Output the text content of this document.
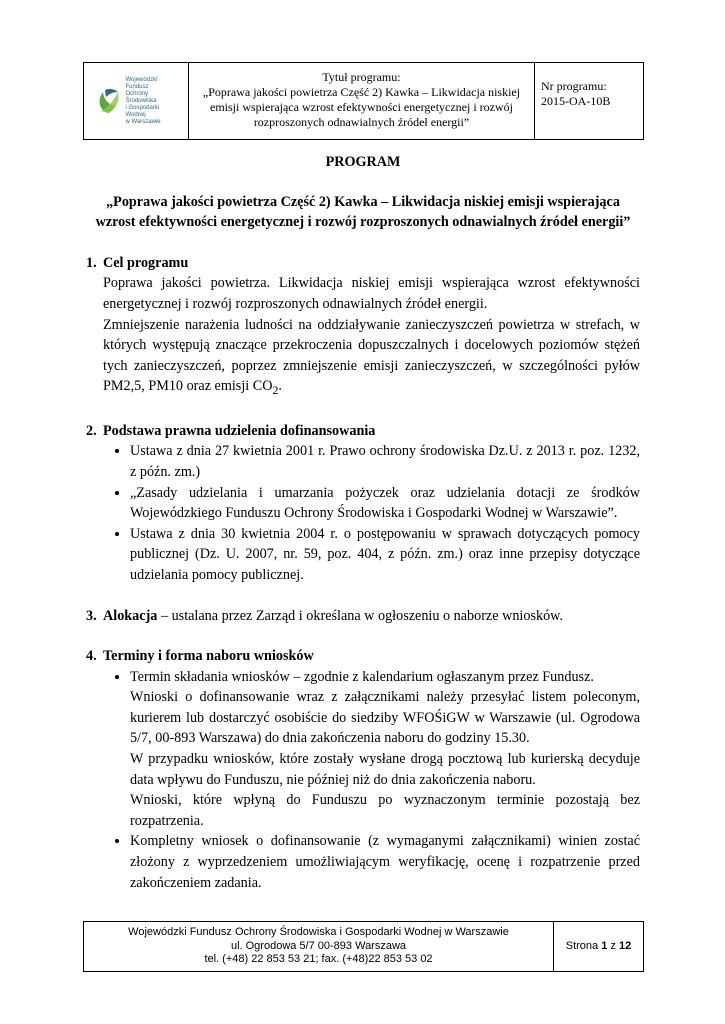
Wojewódzki Fundusz
Ochrony Środowiska
i Gospodarki Wodnej
w Warszawie
Tytuł programu:
„Poprawa jakości powietrza Część 2) Kawka – Likwidacja niskiej emisji wspierająca wzrost efektywności energetycznej i rozwój rozproszonych odnawialnych źródeł energii”
Nr programu:
2015-OA-10B
PROGRAM
„Poprawa jakości powietrza Część 2) Kawka – Likwidacja niskiej emisji wspierająca wzrost efektywności energetycznej i rozwój rozproszonych odnawialnych źródeł energii”
1. Cel programu
Poprawa jakości powietrza. Likwidacja niskiej emisji wspierająca wzrost efektywności energetycznej i rozwój rozproszonych odnawialnych źródeł energii.
Zmniejszenie narażenia ludności na oddziaływanie zanieczyszczeń powietrza w strefach, w których występują znaczące przekroczenia dopuszczalnych i docelowych poziomów stężeń tych zanieczyszczeń, poprzez zmniejszenie emisji zanieczyszczeń, w szczególności pyłów PM2,5, PM10 oraz emisji $CO_2$.
2. Podstawa prawna udzielenia dofinansowania
• Ustawa z dnia 27 kwietnia 2001 r. Prawo ochrony środowiska Dz.U. z 2013 r. poz. 1232, z późn. zm.)
• „Zasady udzielania i umarzania pożyczek oraz udzielania dotacji ze środków Wojewódzkiego Funduszu Ochrony Środowiska i Gospodarki Wodnej w Warszawie”.
• Ustawa z dnia 30 kwietnia 2004 r. o postępowaniu w sprawach dotyczących pomocy publicznej (Dz. U. 2007, nr. 59, poz. 404, z późn. zm.) oraz inne przepisy dotyczące udzielania pomocy publicznej.
3. Alokacja – ustalana przez Zarząd i określana w ogłoszeniu o naborze wniosków.
4. Terminy i forma naboru wniosków
• Termin składania wniosków – zgodnie z kalendarium ogłaszanym przez Fundusz.
Wnioski o dofinansowanie wraz z załącznikami należy przesyłać listem poleconym, kurierem lub dostarczyć osobiście do siedziby WFOŚiGW w Warszawie (ul. Ogrodowa 5/7, 00-893 Warszawa) do dnia zakończenia naboru do godziny 15.30.
W przypadku wniosków, które zostały wysłane drogą pocztową lub kurierską decyduje data wpływu do Funduszu, nie później niż do dnia zakończenia naboru.
Wnioski, które wpłyną do Funduszu po wyznaczonym terminie pozostają bez rozpatrzenia.
• Kompletny wniosek o dofinansowanie (z wymaganymi załącznikami) winien zostać złożony z wyprzedzeniem umożliwiającym weryfikację, ocenę i rozpatrzenie przed zakończeniem zadania.
Wojewódzki Fundusz Ochrony Środowiska i Gospodarki Wodnej w Warszawie
ul. Ogrodowa 5/7 00-893 Warszawa
tel. (+48) 22 853 53 21; fax. (+48)22 853 53 02
Strona
1
z
12
